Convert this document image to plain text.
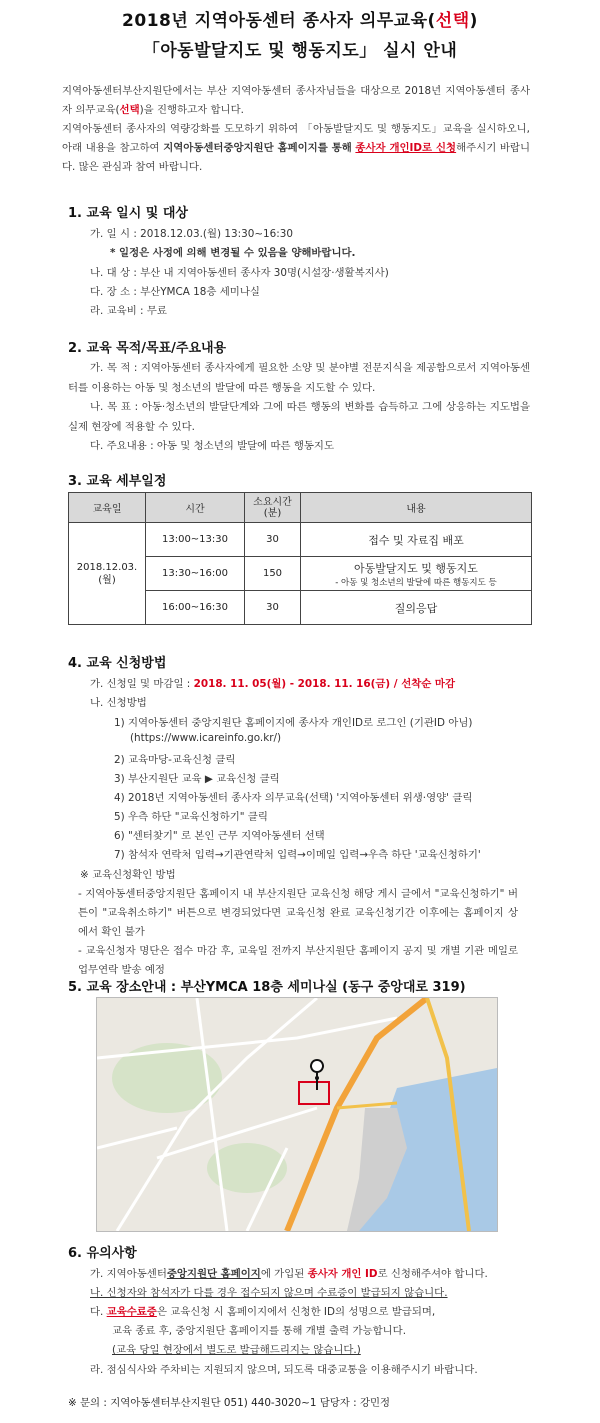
2018년 지역아동센터 종사자 의무교육(선택)
「아동발달지도 및 행동지도」 실시 안내
지역아동센터부산지원단에서는 부산 지역아동센터 종사자님들을 대상으로 2018년 지역아동센터 종사자 의무교육(선택)을 진행하고자 합니다.
지역아동센터 종사자의 역량강화를 도모하기 위하여 「아동발달지도 및 행동지도」교육을 실시하오니, 아래 내용을 참고하여 지역아동센터중앙지원단 홈페이지를 통해 종사자 개인ID로 신청해주시기 바랍니다. 많은 관심과 참여 바랍니다.
1. 교육 일시 및 대상
가. 일 시 : 2018.12.03.(월) 13:30~16:30
* 일정은 사정에 의해 변경될 수 있음을 양해바랍니다.
나. 대 상 : 부산 내 지역아동센터 종사자 30명(시설장·생활복지사)
다. 장 소 : 부산YMCA 18층 세미나실
라. 교육비 : 무료
2. 교육 목적/목표/주요내용
가. 목 적 : 지역아동센터 종사자에게 필요한 소양 및 분야별 전문지식을 제공함으로서 지역아동센터를 이용하는 아동 및 청소년의 발달에 따른 행동을 지도할 수 있다.
나. 목 표 : 아동·청소년의 발달단계와 그에 따른 행동의 변화를 습득하고 그에 상응하는 지도법을 실제 현장에 적용할 수 있다.
다. 주요내용 : 아동 및 청소년의 발달에 따른 행동지도
3. 교육 세부일정
교육일	시간	소요시간(분)	내용
2018.12.03.(월)	13:00~13:30	30	접수 및 자료집 배포
	13:30~16:00	150	아동발달지도 및 행동지도
- 아동 및 청소년의 발달에 따른 행동지도 등

	16:00~16:30	30	질의응답
4. 교육 신청방법
가. 신청일 및 마감일 : 2018. 11. 05(월) - 2018. 11. 16(금) / 선착순 마감
나. 신청방법
1) 지역아동센터 중앙지원단 홈페이지에 종사자 개인ID로 로그인 (기관ID 아님)
(https://www.icareinfo.go.kr/)
2) 교육마당-교육신청 클릭
3) 부산지원단 교육 ▶ 교육신청 클릭
4) 2018년 지역아동센터 종사자 의무교육(선택) '지역아동센터 위생·영양' 클릭
5) 우측 하단 "교육신청하기" 클릭
6) "센터찾기" 로 본인 근무 지역아동센터 선택
7) 참석자 연락처 입력→기관연락처 입력→이메일 입력→우측 하단 '교육신청하기'
※ 교육신청확인 방법
- 지역아동센터중앙지원단 홈페이지 내 부산지원단 교육신청 해당 게시 글에서 "교육신청하기" 버튼이 "교육취소하기" 버튼으로 변경되었다면 교육신청 완료 교육신청기간 이후에는 홈페이지 상에서 확인 불가
- 교육신청자 명단은 접수 마감 후, 교육일 전까지 부산지원단 홈페이지 공지 및 개별 기관 메일로 업무연락 발송 예정
5. 교육 장소안내 : 부산YMCA 18층 세미나실 (동구 중앙대로 319)
6. 유의사항
가. 지역아동센터중앙지원단 홈페이지에 가입된 종사자 개인 ID로 신청해주셔야 합니다.
나. 신청자와 참석자가 다를 경우 접수되지 않으며 수료증이 발급되지 않습니다.
다. 교육수료증은 교육신청 시 홈페이지에서 신청한 ID의 성명으로 발급되며,
교육 종료 후, 중앙지원단 홈페이지를 통해 개별 출력 가능합니다.
(교육 당일 현장에서 별도로 발급해드리지는 않습니다.)
라. 점심식사와 주차비는 지원되지 않으며, 되도록 대중교통을 이용해주시기 바랍니다.
※ 문의 : 지역아동센터부산지원단 051) 440-3020~1 담당자 : 강민정
